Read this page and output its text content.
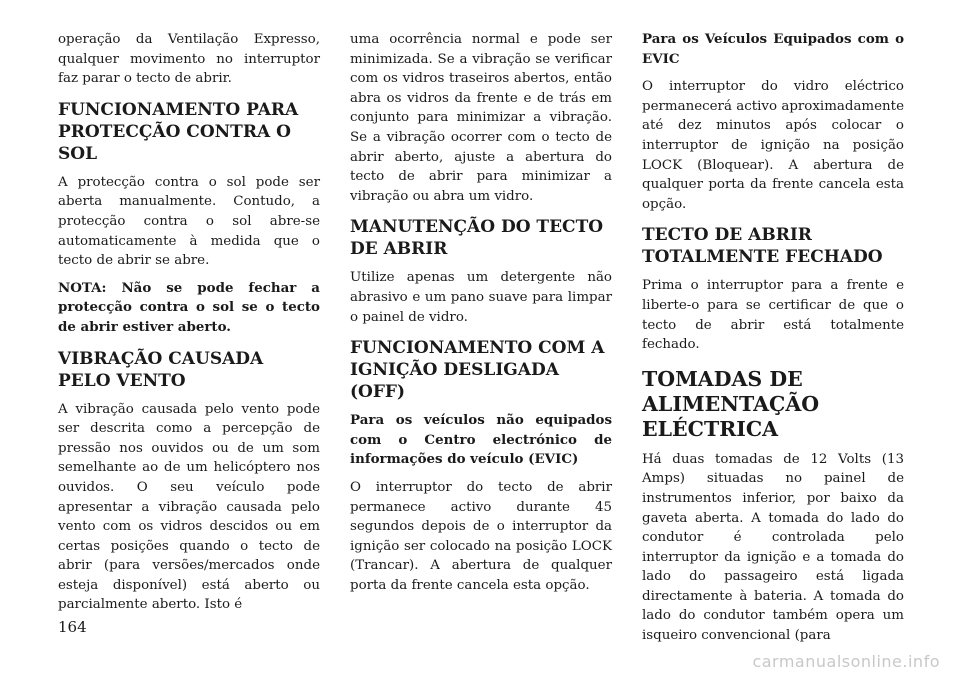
operação da Ventilação Expresso, qualquer movimento no interruptor faz parar o tecto de abrir.

FUNCIONAMENTO PARA PROTECÇÃO CONTRA O SOL

A protecção contra o sol pode ser aberta manualmente. Contudo, a protecção contra o sol abre-se automaticamente à medida que o tecto de abrir se abre.

NOTA: Não se pode fechar a protecção contra o sol se o tecto de abrir estiver aberto.

VIBRAÇÃO CAUSADA PELO VENTO

A vibração causada pelo vento pode ser descrita como a percepção de pressão nos ouvidos ou de um som semelhante ao de um helicóptero nos ouvidos. O seu veículo pode apresentar a vibração causada pelo vento com os vidros descidos ou em certas posições quando o tecto de abrir (para versões/mercados onde esteja disponível) está aberto ou parcialmente aberto. Isto é

uma ocorrência normal e pode ser minimizada. Se a vibração se verificar com os vidros traseiros abertos, então abra os vidros da frente e de trás em conjunto para minimizar a vibração. Se a vibração ocorrer com o tecto de abrir aberto, ajuste a abertura do tecto de abrir para minimizar a vibração ou abra um vidro.

MANUTENÇÃO DO TECTO DE ABRIR

Utilize apenas um detergente não abrasivo e um pano suave para limpar o painel de vidro.

FUNCIONAMENTO COM A IGNIÇÃO DESLIGADA (OFF)

Para os veículos não equipados com o Centro electrónico de informações do veículo (EVIC)

O interruptor do tecto de abrir permanece activo durante 45 segundos depois de o interruptor da ignição ser colocado na posição LOCK (Trancar). A abertura de qualquer porta da frente cancela esta opção.

Para os Veículos Equipados com o EVIC

O interruptor do vidro eléctrico permanecerá activo aproximadamente até dez minutos após colocar o interruptor de ignição na posição LOCK (Bloquear). A abertura de qualquer porta da frente cancela esta opção.

TECTO DE ABRIR TOTALMENTE FECHADO

Prima o interruptor para a frente e liberte-o para se certificar de que o tecto de abrir está totalmente fechado.

TOMADAS DE ALIMENTAÇÃO ELÉCTRICA

Há duas tomadas de 12 Volts (13 Amps) situadas no painel de instrumentos inferior, por baixo da gaveta aberta. A tomada do lado do condutor é controlada pelo interruptor da ignição e a tomada do lado do passageiro está ligada directamente à bateria. A tomada do lado do condutor também opera um isqueiro convencional (para

164
carmanualsonline.info
